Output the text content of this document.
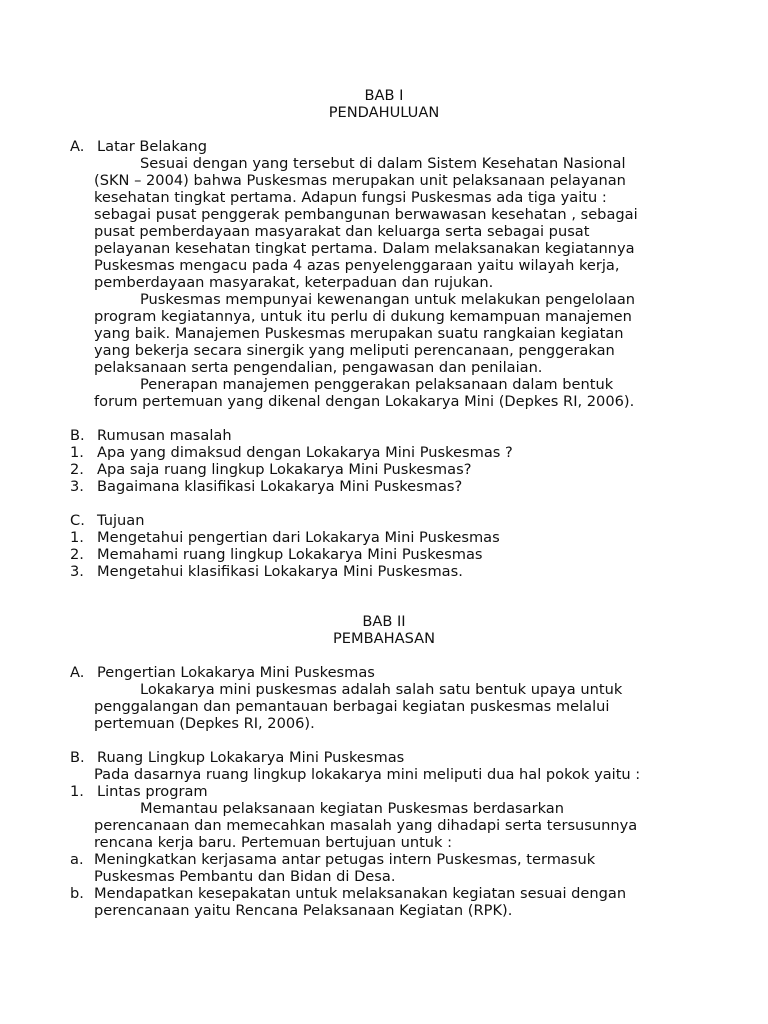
BAB I

PENDAHULUAN

A. Latar Belakang
Sesuai dengan yang tersebut di dalam Sistem Kesehatan Nasional
(SKN – 2004) bahwa Puskesmas merupakan unit pelaksanaan pelayanan
kesehatan tingkat pertama. Adapun fungsi Puskesmas ada tiga yaitu :
sebagai pusat penggerak pembangunan berwawasan kesehatan , sebagai
pusat pemberdayaan masyarakat dan keluarga serta sebagai pusat
pelayanan kesehatan tingkat pertama. Dalam melaksanakan kegiatannya
Puskesmas mengacu pada 4 azas penyelenggaraan yaitu wilayah kerja,
pemberdayaan masyarakat, keterpaduan dan rujukan.
Puskesmas mempunyai kewenangan untuk melakukan pengelolaan
program kegiatannya, untuk itu perlu di dukung kemampuan manajemen
yang baik. Manajemen Puskesmas merupakan suatu rangkaian kegiatan
yang bekerja secara sinergik yang meliputi perencanaan, penggerakan
pelaksanaan serta pengendalian, pengawasan dan penilaian.
Penerapan manajemen penggerakan pelaksanaan dalam bentuk
forum pertemuan yang dikenal dengan Lokakarya Mini (Depkes RI, 2006).
B. Rumusan masalah
1. Apa yang dimaksud dengan Lokakarya Mini Puskesmas ?
2. Apa saja ruang lingkup Lokakarya Mini Puskesmas?
3. Bagaimana klasifikasi Lokakarya Mini Puskesmas?
C. Tujuan
1. Mengetahui pengertian dari Lokakarya Mini Puskesmas
2. Memahami ruang lingkup Lokakarya Mini Puskesmas
3. Mengetahui klasifikasi Lokakarya Mini Puskesmas.

BAB II

PEMBAHASAN

A. Pengertian Lokakarya Mini Puskesmas
Lokakarya mini puskesmas adalah salah satu bentuk upaya untuk
penggalangan dan pemantauan berbagai kegiatan puskesmas melalui
pertemuan (Depkes RI, 2006).
B. Ruang Lingkup Lokakarya Mini Puskesmas
Pada dasarnya ruang lingkup lokakarya mini meliputi dua hal pokok yaitu :
1. Lintas program
Memantau pelaksanaan kegiatan Puskesmas berdasarkan
perencanaan dan memecahkan masalah yang dihadapi serta tersusunnya
rencana kerja baru. Pertemuan bertujuan untuk :
a. Meningkatkan kerjasama antar petugas intern Puskesmas, termasuk
Puskesmas Pembantu dan Bidan di Desa.
b. Mendapatkan kesepakatan untuk melaksanakan kegiatan sesuai dengan
perencanaan yaitu Rencana Pelaksanaan Kegiatan (RPK).
